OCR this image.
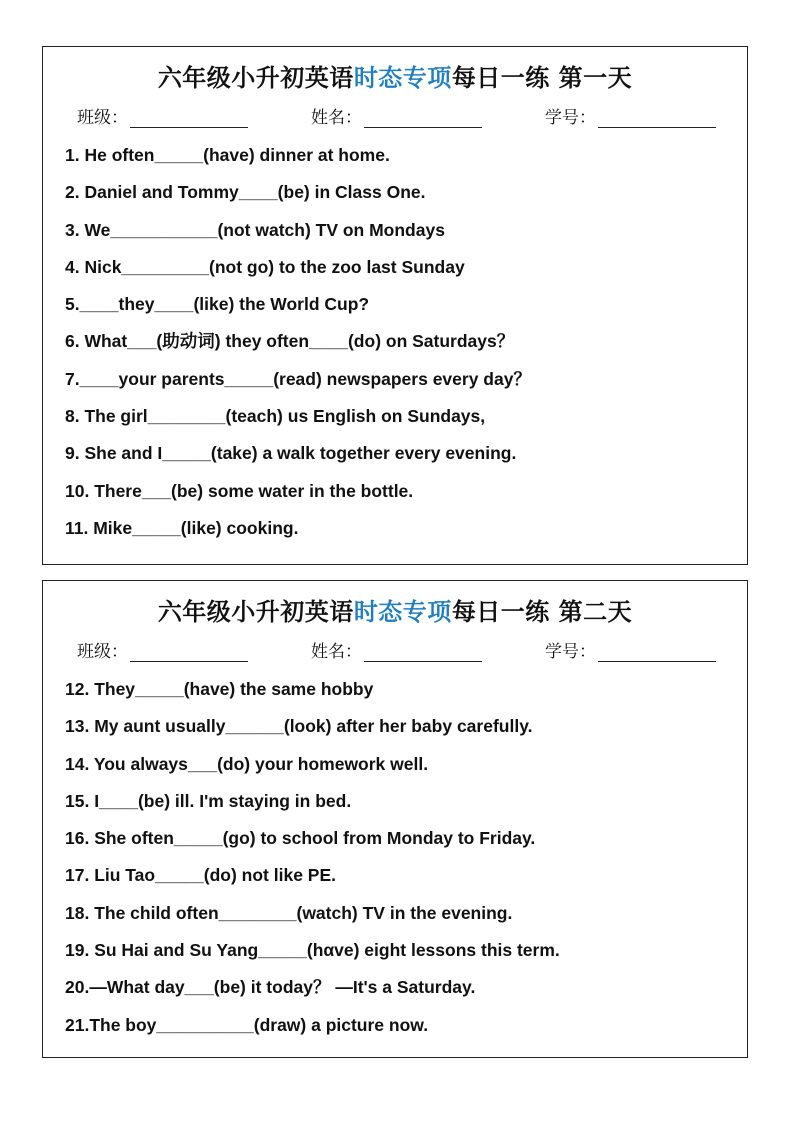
六年级小升初英语时态专项每日一练 第一天
班级：	姓名：	学号：
1. He often_____(have) dinner at home.
2. Daniel and Tommy____(be) in Class One.
3. We___________(not watch) TV on Mondays
4. Nick_________(not go) to the zoo last Sunday
5.____they____(like) the World Cup?
6. What___(助动词) they often____(do) on Saturdays？
7.____your parents_____(read) newspapers every day？
8. The girl________(teach) us English on Sundays,
9. She and I_____(take) a walk together every evening.
10. There___(be) some water in the bottle.
11. Mike_____(like) cooking.
六年级小升初英语时态专项每日一练 第二天
班级：	姓名：	学号：
12. They_____(have) the same hobby
13. My aunt usually______(look) after her baby carefully.
14. You always___(do) your homework well.
15. I____(be) ill. I'm staying in bed.
16. She often_____(go) to school from Monday to Friday.
17. Liu Tao_____(do) not like PE.
18. The child often________(watch) TV in the evening.
19. Su Hai and Su Yang_____(hαve) eight lessons this term.
20.—What day___(be) it today？ —It's a Saturday.
21.The boy__________(draw) a picture now.
